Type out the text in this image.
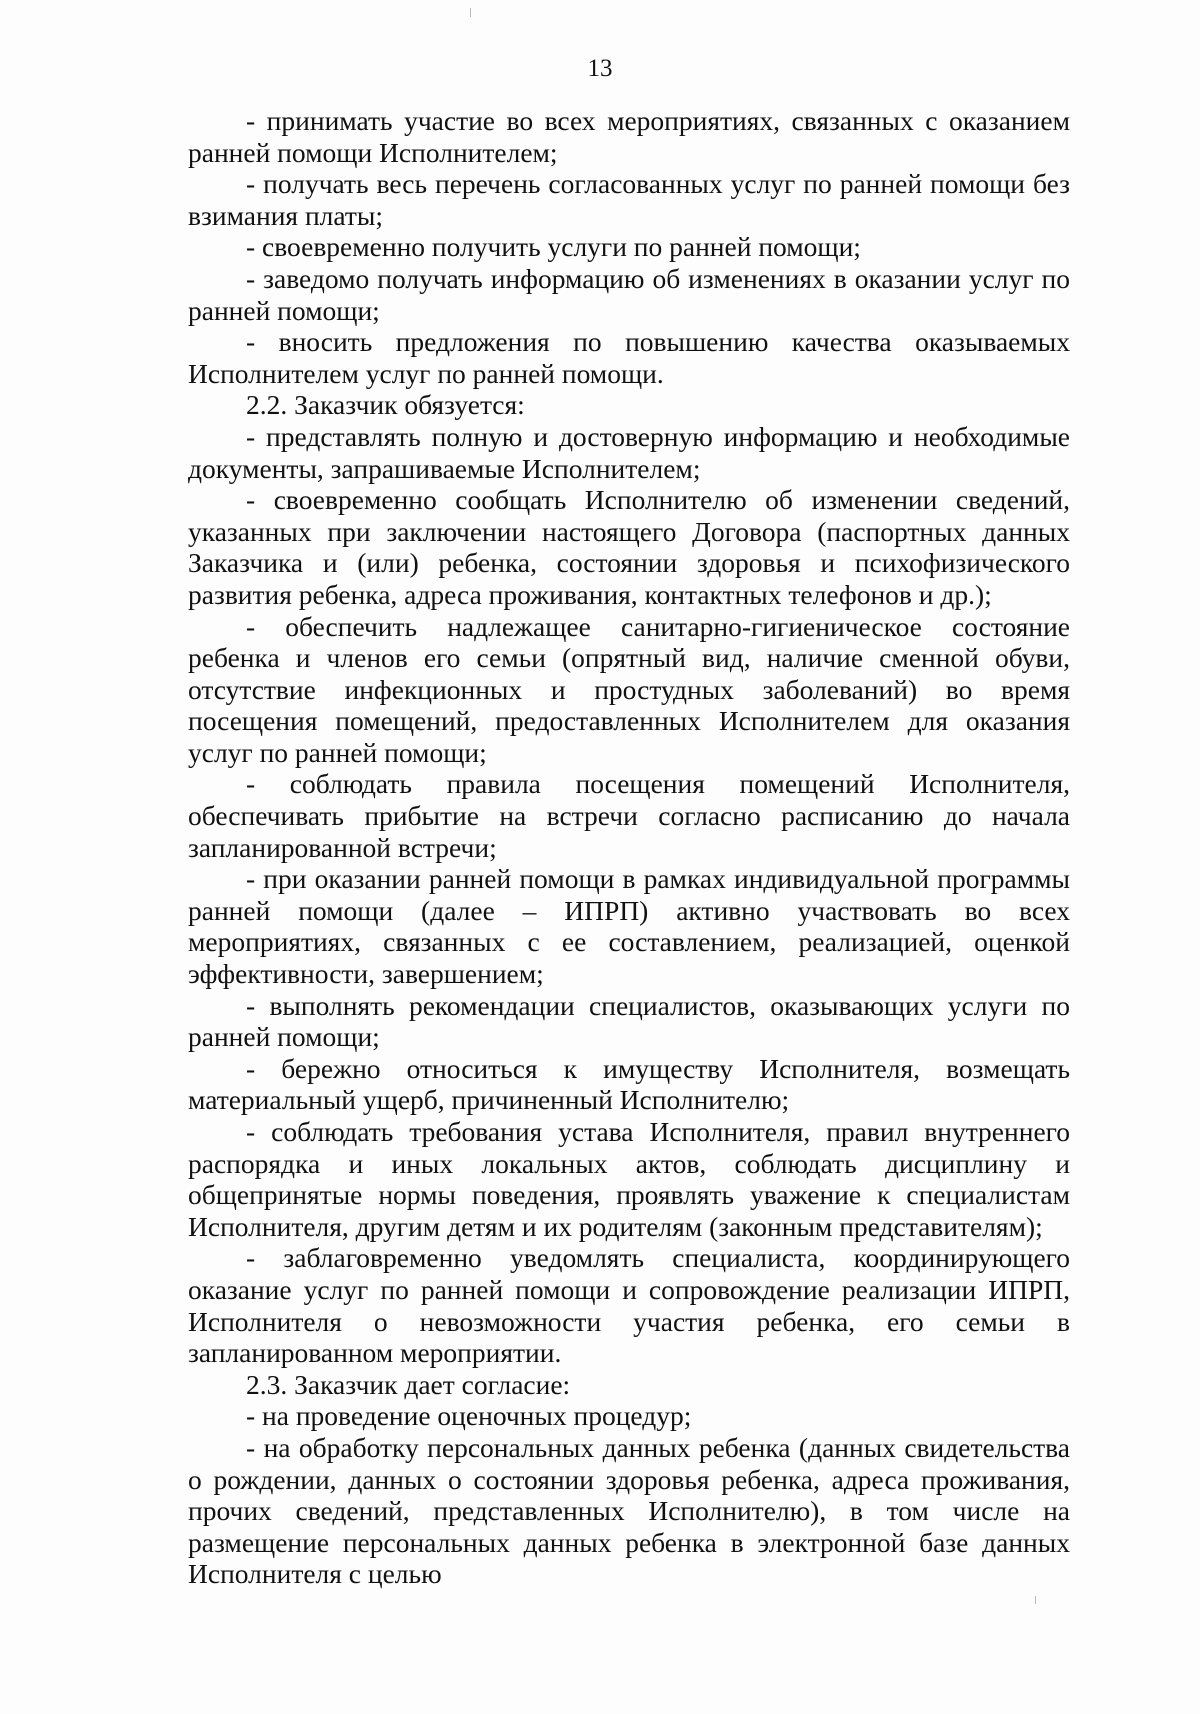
13

- принимать участие во всех мероприятиях, связанных с оказанием ранней помощи Исполнителем;

- получать весь перечень согласованных услуг по ранней помощи без взимания платы;

- своевременно получить услуги по ранней помощи;

- заведомо получать информацию об изменениях в оказании услуг по ранней помощи;

- вносить предложения по повышению качества оказываемых Исполнителем услуг по ранней помощи.

2.2. Заказчик обязуется:

- представлять полную и достоверную информацию и необходимые документы, запрашиваемые Исполнителем;

- своевременно сообщать Исполнителю об изменении сведений, указанных при заключении настоящего Договора (паспортных данных Заказчика и (или) ребенка, состоянии здоровья и психофизического развития ребенка, адреса проживания, контактных телефонов и др.);

- обеспечить надлежащее санитарно-гигиеническое состояние ребенка и членов его семьи (опрятный вид, наличие сменной обуви, отсутствие инфекционных и простудных заболеваний) во время посещения помещений, предоставленных Исполнителем для оказания услуг по ранней помощи;

- соблюдать правила посещения помещений Исполнителя, обеспечивать прибытие на встречи согласно расписанию до начала запланированной встречи;

- при оказании ранней помощи в рамках индивидуальной программы ранней помощи (далее – ИПРП) активно участвовать во всех мероприятиях, связанных с ее составлением, реализацией, оценкой эффективности, завершением;

- выполнять рекомендации специалистов, оказывающих услуги по ранней помощи;

- бережно относиться к имуществу Исполнителя, возмещать материальный ущерб, причиненный Исполнителю;

- соблюдать требования устава Исполнителя, правил внутреннего распорядка и иных локальных актов, соблюдать дисциплину и общепринятые нормы поведения, проявлять уважение к специалистам Исполнителя, другим детям и их родителям (законным представителям);

- заблаговременно уведомлять специалиста, координирующего оказание услуг по ранней помощи и сопровождение реализации ИПРП, Исполнителя о невозможности участия ребенка, его семьи в запланированном мероприятии.

2.3. Заказчик дает согласие:

- на проведение оценочных процедур;

- на обработку персональных данных ребенка (данных свидетельства о рождении, данных о состоянии здоровья ребенка, адреса проживания, прочих сведений, представленных Исполнителю), в том числе на размещение персональных данных ребенка в электронной базе данных Исполнителя с целью
